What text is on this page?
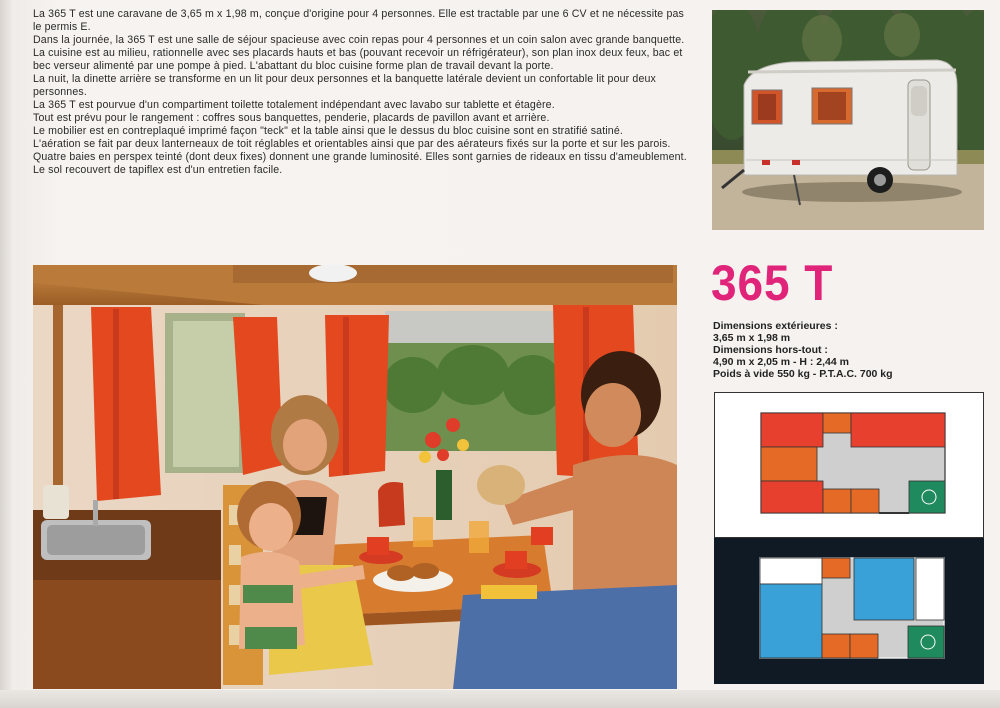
La 365 T est une caravane de 3,65 m x 1,98 m, conçue d'origine pour 4 personnes. Elle est tractable par une 6 CV et ne nécessite pas le permis E.

Dans la journée, la 365 T est une salle de séjour spacieuse avec coin repas pour 4 personnes et un coin salon avec grande banquette.

La cuisine est au milieu, rationnelle avec ses placards hauts et bas (pouvant recevoir un réfrigérateur), son plan inox deux feux, bac et bec verseur alimenté par une pompe à pied. L'abattant du bloc cuisine forme plan de travail devant la porte.

La nuit, la dinette arrière se transforme en un lit pour deux personnes et la banquette latérale devient un confortable lit pour deux personnes.

La 365 T est pourvue d'un compartiment toilette totalement indépendant avec lavabo sur tablette et étagère.

Tout est prévu pour le rangement : coffres sous banquettes, penderie, placards de pavillon avant et arrière.

Le mobilier est en contreplaqué imprimé façon "teck" et la table ainsi que le dessus du bloc cuisine sont en stratifié satiné.

L'aération se fait par deux lanterneaux de toit réglables et orientables ainsi que par des aérateurs fixés sur la porte et sur les parois.

Quatre baies en perspex teinté (dont deux fixes) donnent une grande luminosité. Elles sont garnies de rideaux en tissu d'ameublement.

Le sol recouvert de tapiflex est d'un entretien facile.

365 T
Dimensions extérieures :
3,65 m x 1,98 m
Dimensions hors-tout :
4,90 m x 2,05 m - H : 2,44 m
Poids à vide 550 kg - P.T.A.C. 700 kg
